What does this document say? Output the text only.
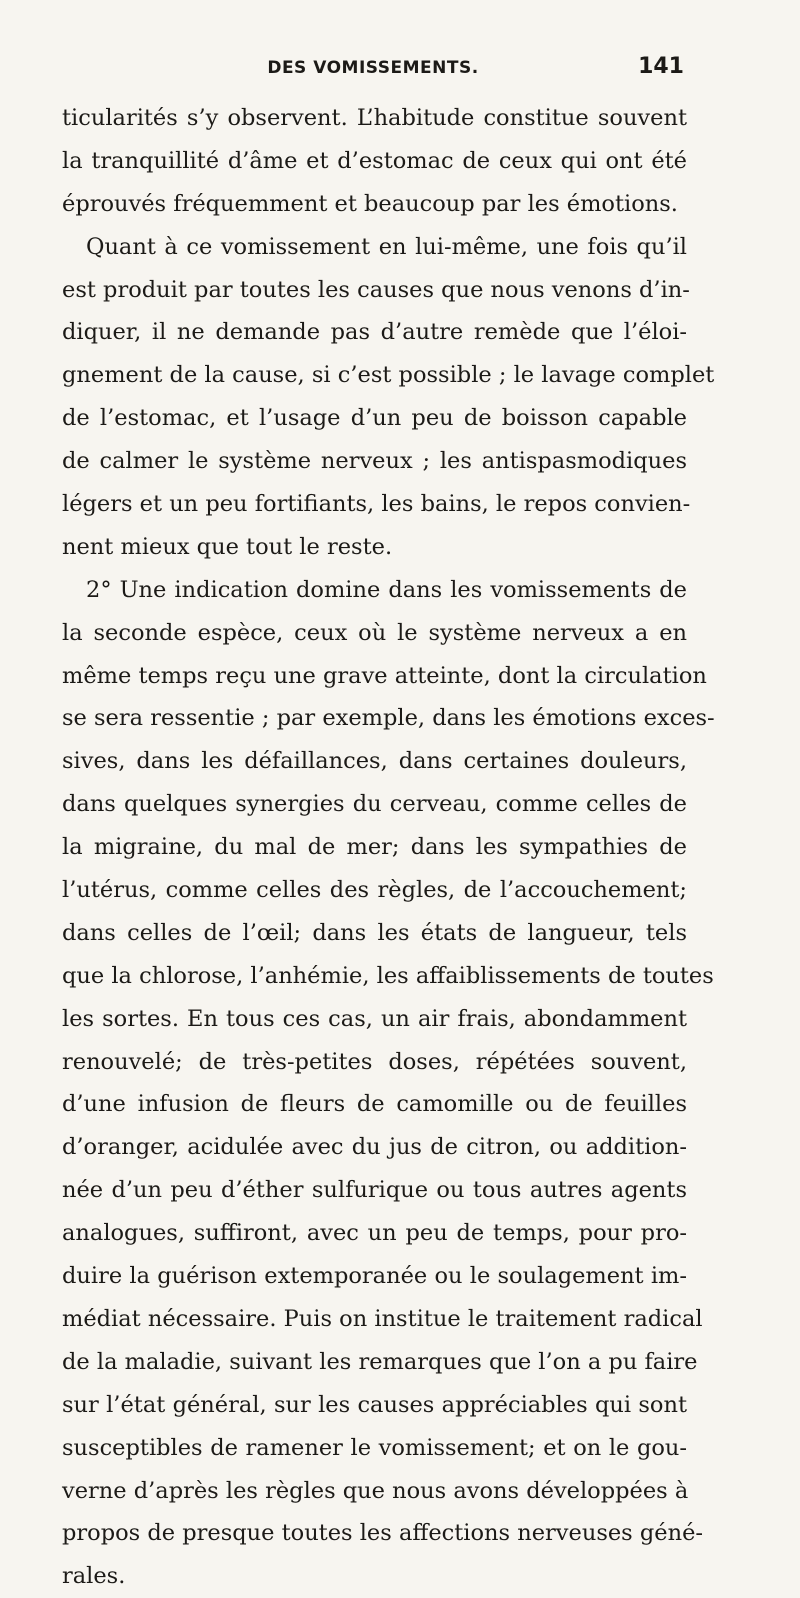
DES VOMISSEMENTS.	141
ticularités s’y observent. L’habitude constitue souvent
la tranquillité d’âme et d’estomac de ceux qui ont été
éprouvés fréquemment et beaucoup par les émotions.
Quant à ce vomissement en lui-même, une fois qu’il
est produit par toutes les causes que nous venons d’in-
diquer, il ne demande pas d’autre remède que l’éloi-
gnement de la cause, si c’est possible ; le lavage complet
de l’estomac, et l’usage d’un peu de boisson capable
de calmer le système nerveux ; les antispasmodiques
légers et un peu fortifiants, les bains, le repos convien-
nent mieux que tout le reste.
2° Une indication domine dans les vomissements de
la seconde espèce, ceux où le système nerveux a en
même temps reçu une grave atteinte, dont la circulation
se sera ressentie ; par exemple, dans les émotions exces-
sives, dans les défaillances, dans certaines douleurs,
dans quelques synergies du cerveau, comme celles de
la migraine, du mal de mer; dans les sympathies de
l’utérus, comme celles des règles, de l’accouchement;
dans celles de l’œil; dans les états de langueur, tels
que la chlorose, l’anhémie, les affaiblissements de toutes
les sortes. En tous ces cas, un air frais, abondamment
renouvelé; de très-petites doses, répétées souvent,
d’une infusion de fleurs de camomille ou de feuilles
d’oranger, acidulée avec du jus de citron, ou addition-
née d’un peu d’éther sulfurique ou tous autres agents
analogues, suffiront, avec un peu de temps, pour pro-
duire la guérison extemporanée ou le soulagement im-
médiat nécessaire. Puis on institue le traitement radical
de la maladie, suivant les remarques que l’on a pu faire
sur l’état général, sur les causes appréciables qui sont
susceptibles de ramener le vomissement; et on le gou-
verne d’après les règles que nous avons développées à
propos de presque toutes les affections nerveuses géné-
rales.
